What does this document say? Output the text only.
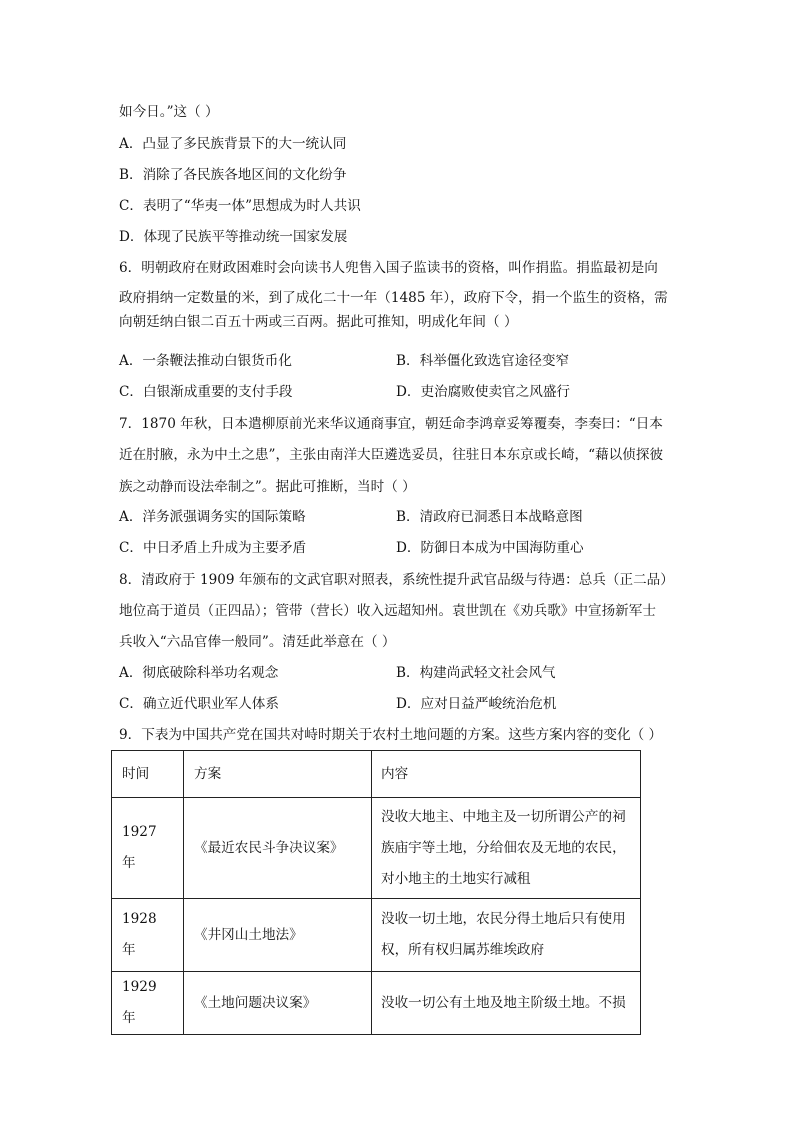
如今日。”这（ ）
A．凸显了多民族背景下的大一统认同
B．消除了各民族各地区间的文化纷争
C．表明了“华夷一体”思想成为时人共识
D．体现了民族平等推动统一国家发展
6．明朝政府在财政困难时会向读书人兜售入国子监读书的资格，叫作捐监。捐监最初是向
政府捐纳一定数量的米，到了成化二十一年（1485 年），政府下令，捐一个监生的资格，需
向朝廷纳白银二百五十两或三百两。据此可推知，明成化年间（ ）
A．一条鞭法推动白银货币化	B．科举僵化致选官途径变窄
C．白银渐成重要的支付手段	D．吏治腐败使卖官之风盛行
7．1870 年秋，日本遣柳原前光来华议通商事宜，朝廷命李鸿章妥筹覆奏，李奏曰：“日本
近在肘腋，永为中土之患”，主张由南洋大臣遴选妥员，往驻日本东京或长崎，“藉以侦探彼
族之动静而设法牵制之”。据此可推断，当时（ ）
A．洋务派强调务实的国际策略	B．清政府已洞悉日本战略意图
C．中日矛盾上升成为主要矛盾	D．防御日本成为中国海防重心
8．清政府于 1909 年颁布的文武官职对照表，系统性提升武官品级与待遇：总兵（正二品）
地位高于道员（正四品）；管带（营长）收入远超知州。袁世凯在《劝兵歌》中宣扬新军士
兵收入“六品官俸一般同”。清廷此举意在（ ）
A．彻底破除科举功名观念	B．构建尚武轻文社会风气
C．确立近代职业军人体系	D．应对日益严峻统治危机
9．下表为中国共产党在国共对峙时期关于农村土地问题的方案。这些方案内容的变化（ ）
时间	方案	内容
1927 年	《最近农民斗争决议案》	没收大地主、中地主及一切所谓公产的祠族庙宇等土地，分给佃农及无地的农民，对小地主的土地实行减租
1928 年	《井冈山土地法》	没收一切土地，农民分得土地后只有使用权，所有权归属苏维埃政府
1929 年	《土地问题决议案》	没收一切公有土地及地主阶级土地。不损
